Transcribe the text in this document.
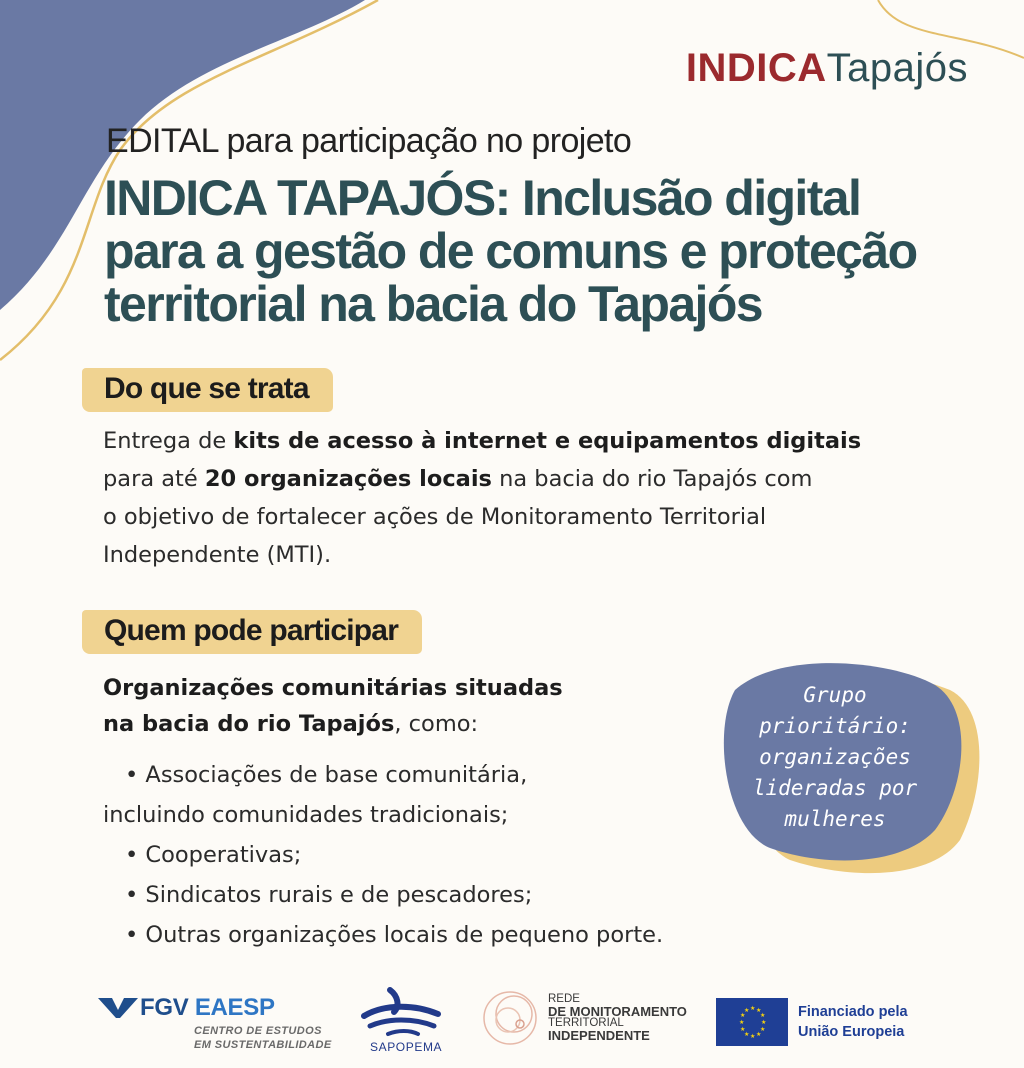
INDICATapajós
EDITAL para participação no projeto
INDICA TAPAJÓS: Inclusão digital
para a gestão de comuns e proteção
territorial na bacia do Tapajós
Do que se trata
Entrega de kits de acesso à internet e equipamentos digitais
para até 20 organizações locais na bacia do rio Tapajós com
o objetivo de fortalecer ações de Monitoramento Territorial
Independente (MTI).
Quem pode participar
Organizações comunitárias situadas
na bacia do rio Tapajós, como:
• Associações de base comunitária,
incluindo comunidades tradicionais;
• Cooperativas;
• Sindicatos rurais e de pescadores;
• Outras organizações locais de pequeno porte.
Grupo
prioritário:
organizações
lideradas por
mulheres
FGV EAESP
CENTRO DE ESTUDOS
EM SUSTENTABILIDADE	SAPOPEMA
REDE
DE MONITORAMENTO
TERRITORIAL
INDEPENDENTE
★ ★
★
★
★
★
★
★
★
★
★
★	Financiado pela
União Europeia
